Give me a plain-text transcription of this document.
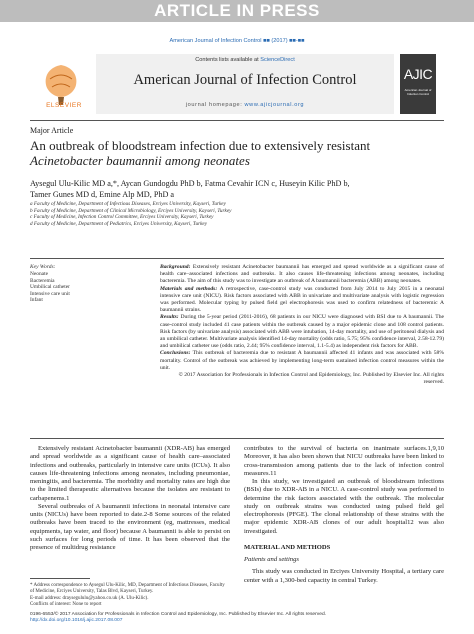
ARTICLE IN PRESS
American Journal of Infection Control ■■ (2017) ■■-■■
ELSEVIER
Contents lists available at ScienceDirect
American Journal of Infection Control
journal homepage: www.ajicjournal.org
AJIC
American Journal of Infection Control
Major Article
An outbreak of bloodstream infection due to extensively resistant
Acinetobacter baumannii among neonates
Aysegul Ulu-Kilic MD a,*, Aycan Gundogdu PhD b, Fatma Cevahir ICN c, Huseyin Kilic PhD b,
Tamer Gunes MD d, Emine Alp MD, PhD a
a Faculty of Medicine, Department of Infectious Diseases, Erciyes University, Kayseri, Turkey
b Faculty of Medicine, Department of Clinical Microbiology, Erciyes University, Kayseri, Turkey
c Faculty of Medicine, Infection Control Committee, Erciyes University, Kayseri, Turkey
d Faculty of Medicine, Department of Pediatrics, Erciyes University, Kayseri, Turkey
Key Words:
Neonate
Bacteremia
Umbilical catheter
Intensive care unit
Infant

Background: Extensively resistant Acinetobacter baumannii has emerged and spread worldwide as a significant cause of health care–associated infections and outbreaks. It also causes life-threatening infections among neonates, including bacteremia. The aim of this study was to investigate an outbreak of A baumannii bacteremia (ABB) among neonates.

Materials and methods: A retrospective, case-control study was conducted from July 2014 to July 2015 in a neonatal intensive care unit (NICU). Risk factors associated with ABB in univariate and multivariate analysis with logistic regression was performed. Molecular typing by pulsed field gel electrophoresis was used to confirm relatedness of bacteremic A baumannii strains.

Results: During the 5-year period (2011-2016), 68 patients in our NICU were diagnosed with BSI due to A baumannii. The case-control study included 41 case patients within the outbreak caused by a major epidemic clone and 108 control patients. Risk factors (by univariate analysis) associated with ABB were intubation, 14-day mortality, and use of peritoneal dialysis and an umbilical catheter. Multivariate analysis identified 14-day mortality (odds ratio, 5.75; 95% confidence interval, 2.58-12.79) and umbilical catheter use (odds ratio, 2.44; 95% confidence interval, 1.1-5.4) as independent risk factors for ABB.

Conclusions: This outbreak of bacteremia due to resistant A baumannii affected 41 infants and was associated with 58% mortality. Control of the outbreak was achieved by implementing long-term sustained infection control measures within the unit.

© 2017 Association for Professionals in Infection Control and Epidemiology, Inc. Published by Elsevier Inc. All rights reserved.

Extensively resistant Acinetobacter baumannii (XDR-AB) has emerged and spread worldwide as a significant cause of health care–associated infections and outbreaks, particularly in intensive care units (ICUs). It also causes life-threatening infections among neonates, including pneumoniae, meningitis, and bacteremia. The morbidity and mortality rates are high due to the limited therapeutic alternatives because the isolates are resistant to carbapenems.1

Several outbreaks of A baumannii infections in neonatal intensive care units (NICUs) have been reported to date.2-8 Some sources of the related outbreaks have been traced to the environment (eg, mattresses, medical equipments, tap water, and floor) because A baumannii is able to persist on such surfaces for long periods of time. It has been observed that the presence of multidrug resistance

contributes to the survival of bacteria on inanimate surfaces.1,9,10 Moreover, it has also been shown that NICU outbreaks have been linked to cross-transmission among patients due to the lack of infection control measures.11

In this study, we investigated an outbreak of bloodstream infections (BSIs) due to XDR-AB in a NICU. A case-control study was performed to determine the risk factors associated with the outbreak. The molecular study on outbreak strains was conducted using pulsed field gel electrophoresis (PFGE). The clonal relationship of these strains with the major epidemic XDR-AB clones of our adult hospital12 was also investigated.

MATERIAL AND METHODS

Patients and settings

This study was conducted in Erciyes University Hospital, a tertiary care center with a 1,300-bed capacity in central Turkey.

* Address correspondence to Aysegul Ulu-Kilic, MD, Department of Infectious Diseases, Faculty of Medicine, Erciyes University, Talas Blvd, Kayseri, Turkey.
E-mail address: draysegululu@yahoo.co.uk (A. Ulu-Kilic).
Conflicts of interest: None to report
0196-6553/© 2017 Association for Professionals in Infection Control and Epidemiology, Inc. Published by Elsevier Inc. All rights reserved.
http://dx.doi.org/10.1016/j.ajic.2017.08.007
